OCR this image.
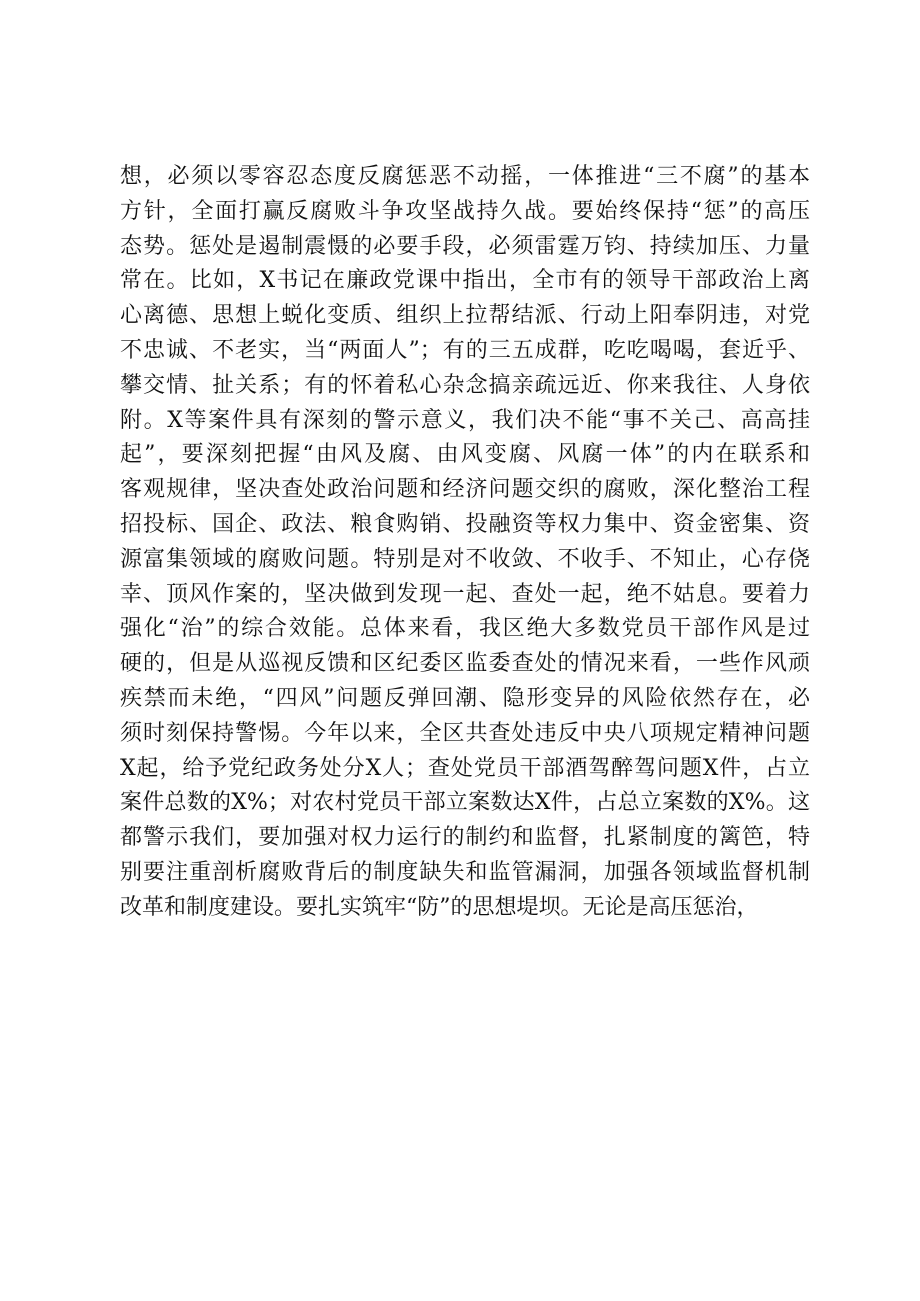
想，必须以零容忍态度反腐惩恶不动摇，一体推进“三不腐”的基本
方针，全面打赢反腐败斗争攻坚战持久战。要始终保持“惩”的高压
态势。惩处是遏制震慑的必要手段，必须雷霆万钧、持续加压、力量
常在。比如，X书记在廉政党课中指出，全市有的领导干部政治上离
心离德、思想上蜕化变质、组织上拉帮结派、行动上阳奉阴违，对党
不忠诚、不老实，当“两面人”；有的三五成群，吃吃喝喝，套近乎、
攀交情、扯关系；有的怀着私心杂念搞亲疏远近、你来我往、人身依
附。X等案件具有深刻的警示意义，我们决不能“事不关己、高高挂
起”，要深刻把握“由风及腐、由风变腐、风腐一体”的内在联系和
客观规律，坚决查处政治问题和经济问题交织的腐败，深化整治工程
招投标、国企、政法、粮食购销、投融资等权力集中、资金密集、资
源富集领域的腐败问题。特别是对不收敛、不收手、不知止，心存侥
幸、顶风作案的，坚决做到发现一起、查处一起，绝不姑息。要着力
强化“治”的综合效能。总体来看，我区绝大多数党员干部作风是过
硬的，但是从巡视反馈和区纪委区监委查处的情况来看，一些作风顽
疾禁而未绝，“四风”问题反弹回潮、隐形变异的风险依然存在，必
须时刻保持警惕。今年以来，全区共查处违反中央八项规定精神问题
X起，给予党纪政务处分X人；查处党员干部酒驾醉驾问题X件，占立
案件总数的X%；对农村党员干部立案数达X件，占总立案数的X%。这
都警示我们，要加强对权力运行的制约和监督，扎紧制度的篱笆，特
别要注重剖析腐败背后的制度缺失和监管漏洞，加强各领域监督机制
改革和制度建设。要扎实筑牢“防”的思想堤坝。无论是高压惩治，
